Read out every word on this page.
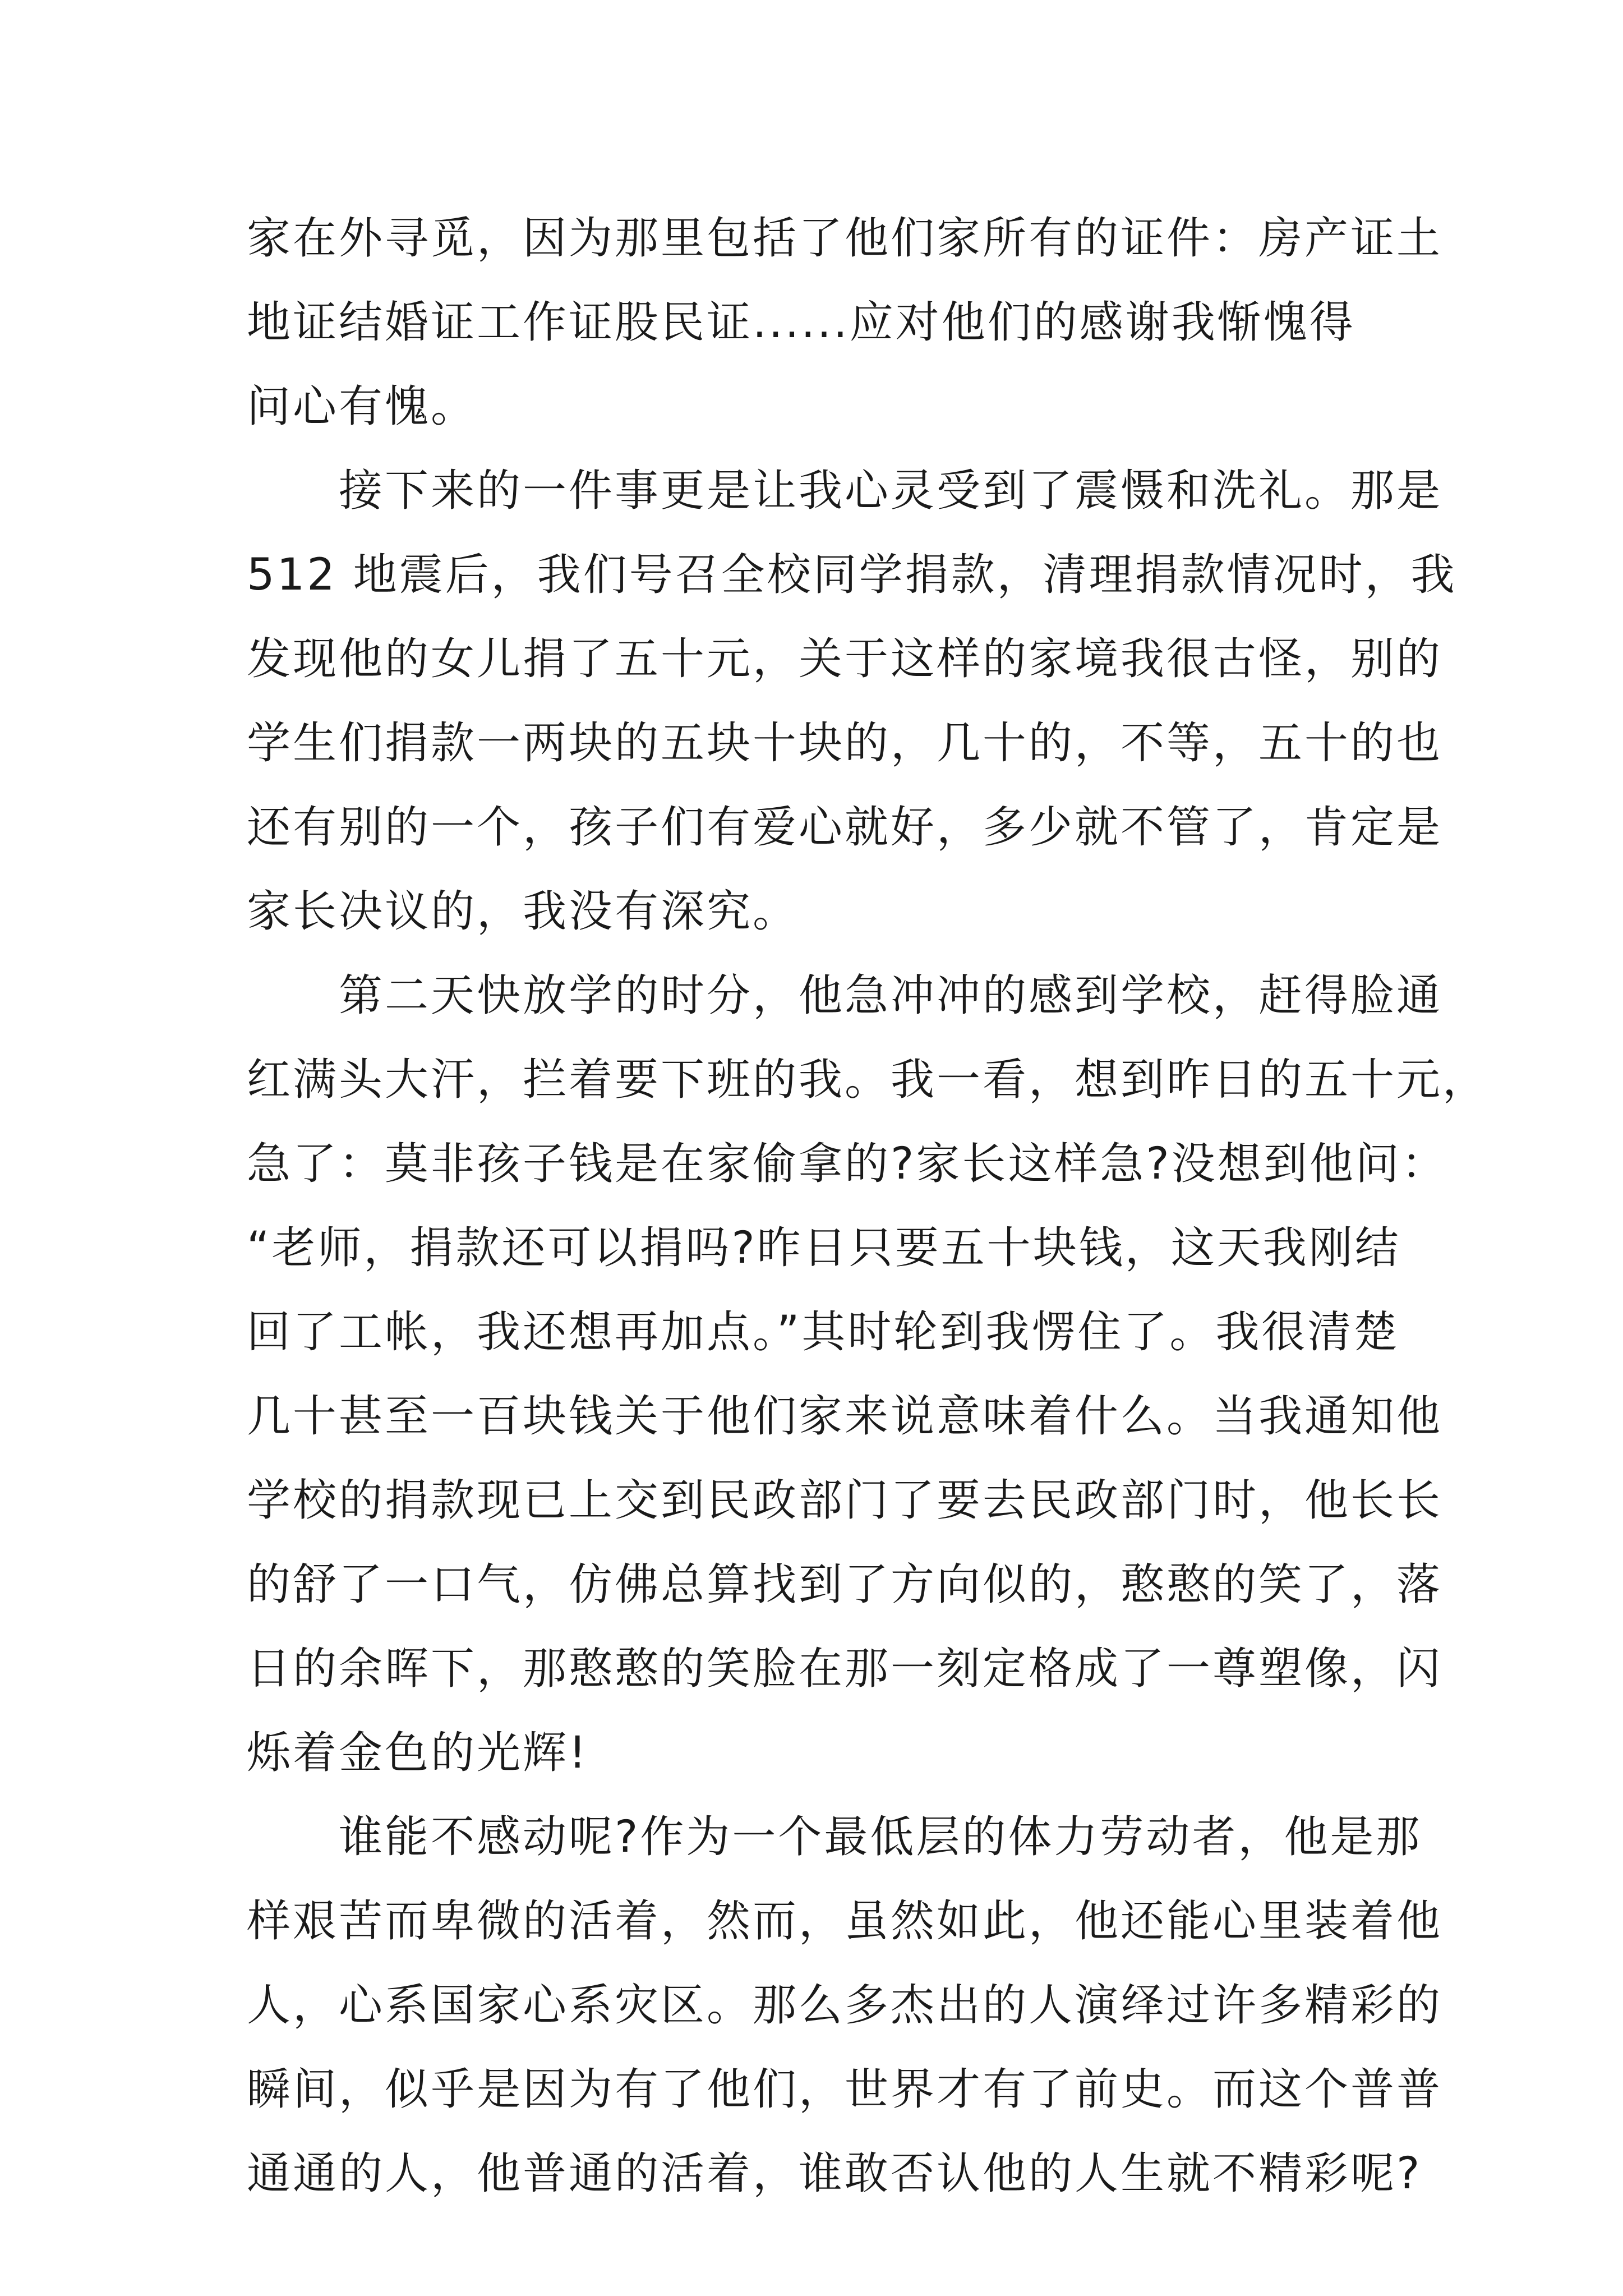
家在外寻觅，因为那里包括了他们家所有的证件：房产证土
地证结婚证工作证股民证......应对他们的感谢我惭愧得
问心有愧。
接下来的一件事更是让我心灵受到了震慑和洗礼。那是
512 地震后，我们号召全校同学捐款，清理捐款情况时，我
发现他的女儿捐了五十元，关于这样的家境我很古怪，别的
学生们捐款一两块的五块十块的，几十的，不等，五十的也
还有别的一个，孩子们有爱心就好，多少就不管了，肯定是
家长决议的，我没有深究。
第二天快放学的时分，他急冲冲的感到学校，赶得脸通
红满头大汗，拦着要下班的我。我一看，想到昨日的五十元，
急了：莫非孩子钱是在家偷拿的?家长这样急?没想到他问：
“老师，捐款还可以捐吗?昨日只要五十块钱，这天我刚结
回了工帐，我还想再加点。”其时轮到我愣住了。我很清楚
几十甚至一百块钱关于他们家来说意味着什么。当我通知他
学校的捐款现已上交到民政部门了要去民政部门时，他长长
的舒了一口气，仿佛总算找到了方向似的，憨憨的笑了，落
日的余晖下，那憨憨的笑脸在那一刻定格成了一尊塑像，闪
烁着金色的光辉!
谁能不感动呢?作为一个最低层的体力劳动者，他是那
样艰苦而卑微的活着，然而，虽然如此，他还能心里装着他
人，心系国家心系灾区。那么多杰出的人演绎过许多精彩的
瞬间，似乎是因为有了他们，世界才有了前史。而这个普普
通通的人，他普通的活着，谁敢否认他的人生就不精彩呢?
